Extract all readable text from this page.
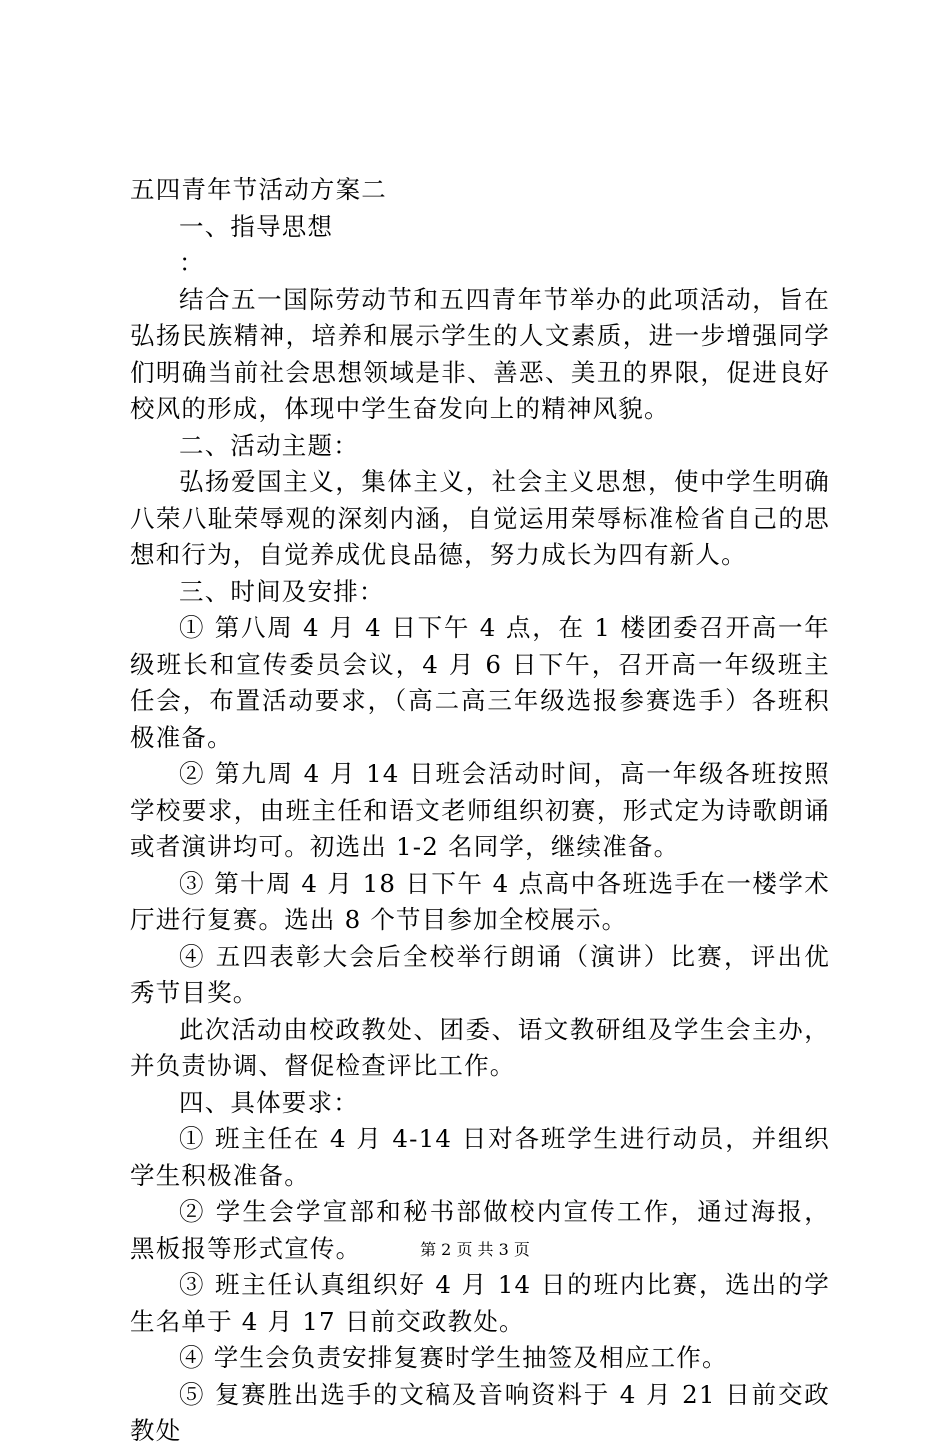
五四青年节活动方案二

一、指导思想

：

结合五一国际劳动节和五四青年节举办的此项活动，旨在弘扬民族精神，培养和展示学生的人文素质，进一步增强同学们明确当前社会思想领域是非、善恶、美丑的界限，促进良好校风的形成，体现中学生奋发向上的精神风貌。

二、活动主题：

弘扬爱国主义，集体主义，社会主义思想，使中学生明确八荣八耻荣辱观的深刻内涵，自觉运用荣辱标准检省自己的思想和行为，自觉养成优良品德，努力成长为四有新人。

三、时间及安排：

① 第八周 4 月 4 日下午 4 点，在 1 楼团委召开高一年级班长和宣传委员会议，4 月 6 日下午，召开高一年级班主任会，布置活动要求，（高二高三年级选报参赛选手）各班积极准备。

② 第九周 4 月 14 日班会活动时间，高一年级各班按照学校要求，由班主任和语文老师组织初赛，形式定为诗歌朗诵或者演讲均可。初选出 1-2 名同学，继续准备。

③ 第十周 4 月 18 日下午 4 点高中各班选手在一楼学术厅进行复赛。选出 8 个节目参加全校展示。

④ 五四表彰大会后全校举行朗诵（演讲）比赛，评出优秀节目奖。

此次活动由校政教处、团委、语文教研组及学生会主办，并负责协调、督促检查评比工作。

四、具体要求：

① 班主任在 4 月 4-14 日对各班学生进行动员，并组织学生积极准备。

② 学生会学宣部和秘书部做校内宣传工作，通过海报，黑板报等形式宣传。

③ 班主任认真组织好 4 月 14 日的班内比赛，选出的学生名单于 4 月 17 日前交政教处。

④ 学生会负责安排复赛时学生抽签及相应工作。

⑤ 复赛胜出选手的文稿及音响资料于 4 月 21 日前交政教处

第 2 页 共 3 页
